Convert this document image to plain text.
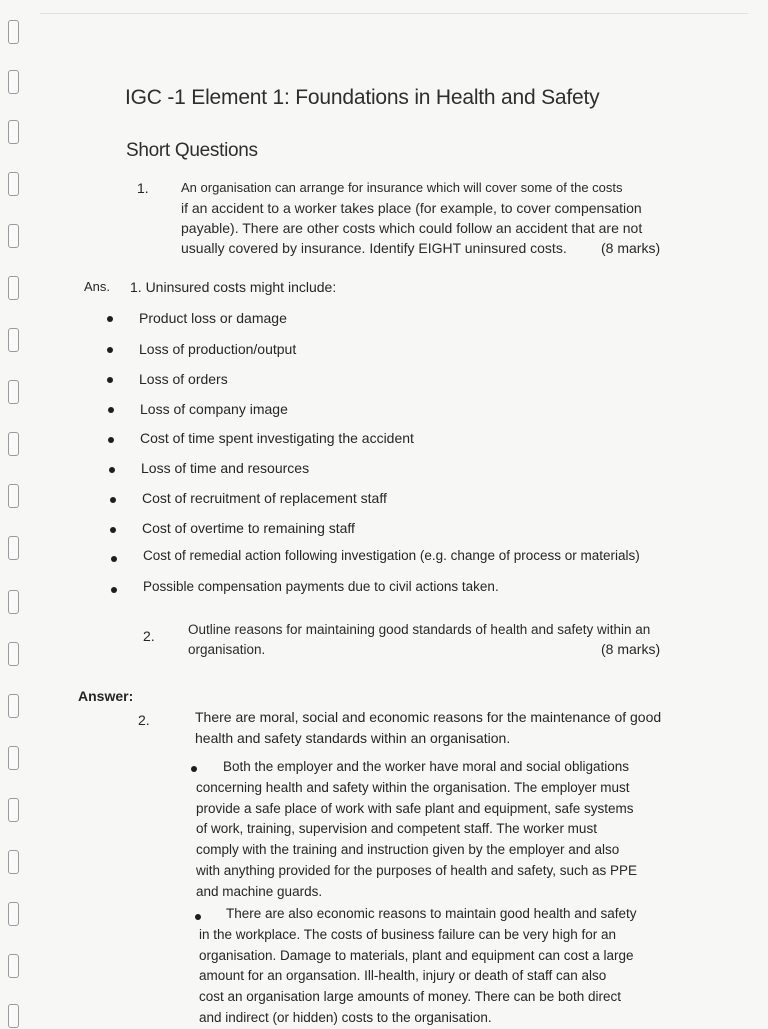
IGC -1 Element 1: Foundations in Health and Safety
Short Questions
1. An organisation can arrange for insurance which will cover some of the costs
if an accident to a worker takes place (for example, to cover compensation
payable). There are other costs which could follow an accident that are not
usually covered by insurance. Identify EIGHT uninsured costs.	(8 marks)
Ans. 1. Uninsured costs might include:
Product loss or damage
Loss of production/output
Loss of orders
Loss of company image
Cost of time spent investigating the accident
Loss of time and resources
Cost of recruitment of replacement staff
Cost of overtime to remaining staff
Cost of remedial action following investigation (e.g. change of process or materials)
Possible compensation payments due to civil actions taken.
2. Outline reasons for maintaining good standards of health and safety within an
organisation.	(8 marks)
Answer:
2.	There are moral, social and economic reasons for the maintenance of good
health and safety standards within an organisation.
Both the employer and the worker have moral and social obligations
concerning health and safety within the organisation. The employer must
provide a safe place of work with safe plant and equipment, safe systems
of work, training, supervision and competent staff. The worker must
comply with the training and instruction given by the employer and also
with anything provided for the purposes of health and safety, such as PPE
and machine guards.
There are also economic reasons to maintain good health and safety
in the workplace. The costs of business failure can be very high for an
organisation. Damage to materials, plant and equipment can cost a large
amount for an organsation. Ill-health, injury or death of staff can also
cost an organisation large amounts of money. There can be both direct
and indirect (or hidden) costs to the organisation.
